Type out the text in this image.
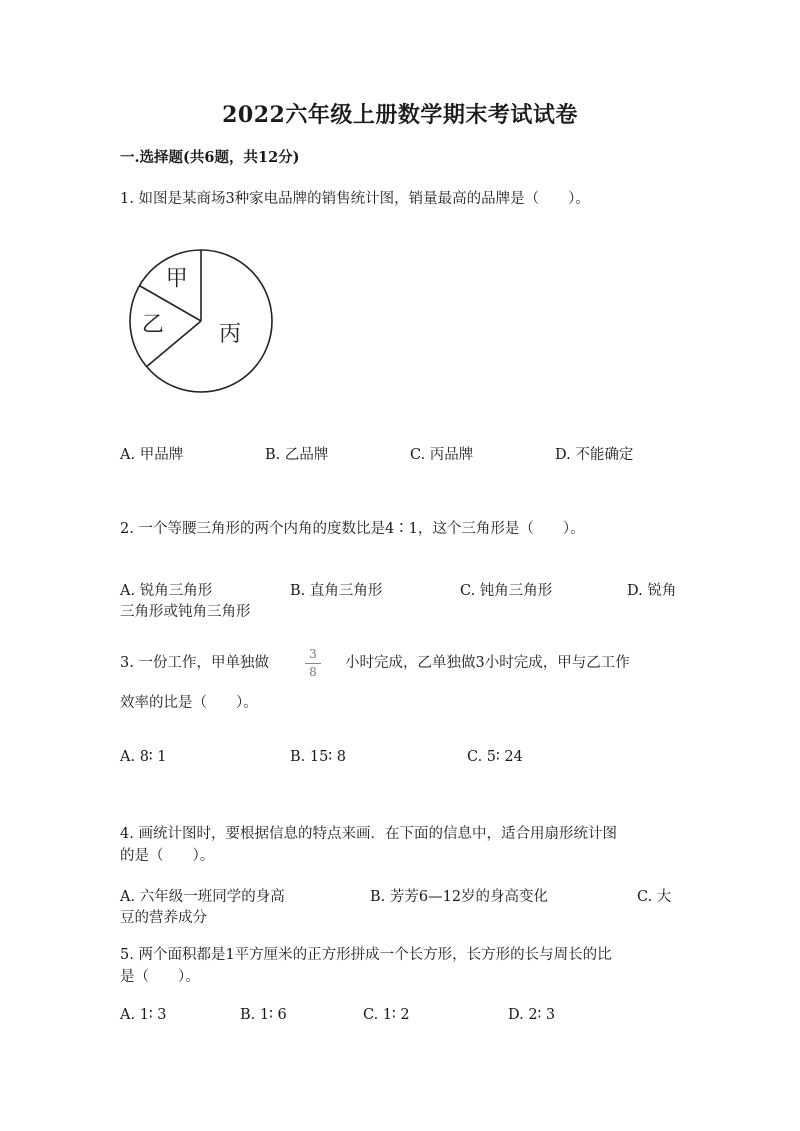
2022六年级上册数学期末考试试卷
一.选择题(共6题，共12分)
1. 如图是某商场3种家电品牌的销售统计图，销量最高的品牌是（　　）。
甲
乙	丙
A. 甲品牌	B. 乙品牌	C. 丙品牌	D. 不能确定
2. 一个等腰三角形的两个内角的度数比是4∶1，这个三角形是（　　）。
A. 锐角三角形	B. 直角三角形	C. 钝角三角形	D. 锐角
三角形或钝角三角形
3. 一份工作，甲单独做
3
8
小时完成，乙单独做3小时完成，甲与乙工作
效率的比是（　　）。
A. 8∶ 1	B. 15∶ 8	C. 5∶ 24
4. 画统计图时，要根据信息的特点来画．在下面的信息中，适合用扇形统计图
的是（　　）。
A. 六年级一班同学的身高	B. 芳芳6—12岁的身高变化	C. 大
豆的营养成分
5. 两个面积都是1平方厘米的正方形拼成一个长方形，长方形的长与周长的比
是（　　）。
A. 1∶ 3	B. 1∶ 6	C. 1∶ 2	D. 2∶ 3
